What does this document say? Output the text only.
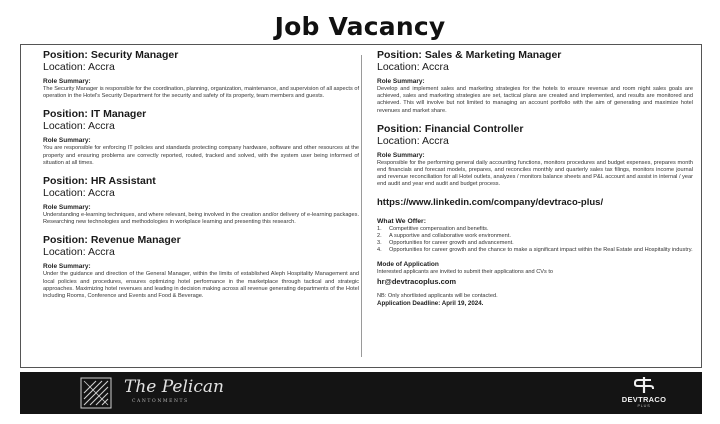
Job Vacancy
Position: Security Manager
Location: Accra
Role Summary:
The Security Manager is responsible for the coordination, planning, organization, maintenance, and supervision of all aspects of operation in the Hotel's Security Department for the security and safety of its property, team members and guests.
Position: IT Manager
Location: Accra
Role Summary:
You are responsible for enforcing IT policies and standards protecting company hardware, software and other resources at the property and ensuring problems are correctly reported, routed, tracked and solved, with the system user being informed of situation at all times.
Position: HR Assistant
Location: Accra
Role Summary:
Understanding e-learning techniques, and where relevant, being involved in the creation and/or delivery of e-learning packages. Researching new technologies and methodologies in workplace learning and presenting this research.
Position: Revenue Manager
Location: Accra
Role Summary:
Under the guidance and direction of the General Manager, within the limits of established Aleph Hospitality Management and local policies and procedures, ensures optimizing hotel performance in the marketplace through tactical and strategic approaches. Maximizing hotel revenues and leading in decision making across all revenue generating departments of the Hotel including Rooms, Conference and Events and Food & Beverage.
Position: Sales & Marketing Manager
Location: Accra
Role Summary:
Develop and implement sales and marketing strategies for the hotels to ensure revenue and room night sales goals are achieved, sales and marketing strategies are set, tactical plans are created and implemented, and results are monitored and achieved. This will involve but not limited to managing an account portfolio with the aim of generating and maximize hotel revenues and market share.
Position: Financial Controller
Location: Accra
Role Summary:
Responsible for the performing general daily accounting functions, monitors procedures and budget expenses, prepares month end financials and forecast models, prepares, and reconciles monthly and quarterly sales tax filings, monitors income journal and revenue reconciliation for all Hotel outlets, analyzes / monitors balance sheets and P&L account and assist in internal / year end audit and year end audit and budget process.
https://www.linkedin.com/company/devtraco-plus/
What We Offer:
1.	Competitive compensation and benefits.
2.	A supportive and collaborative work environment.
3.	Opportunities for career growth and advancement.
4.	Opportunities for career growth and the chance to make a significant impact within the Real Estate and Hospitality industry.
Mode of Application
Interested applicants are invited to submit their applications and CVs to
hr@devtracoplus.com
NB: Only shortlisted applicants will be contacted.
Application Deadline: April 19, 2024.
The Pelican
CANTONMENTS	DEVTRACO
PLUS
